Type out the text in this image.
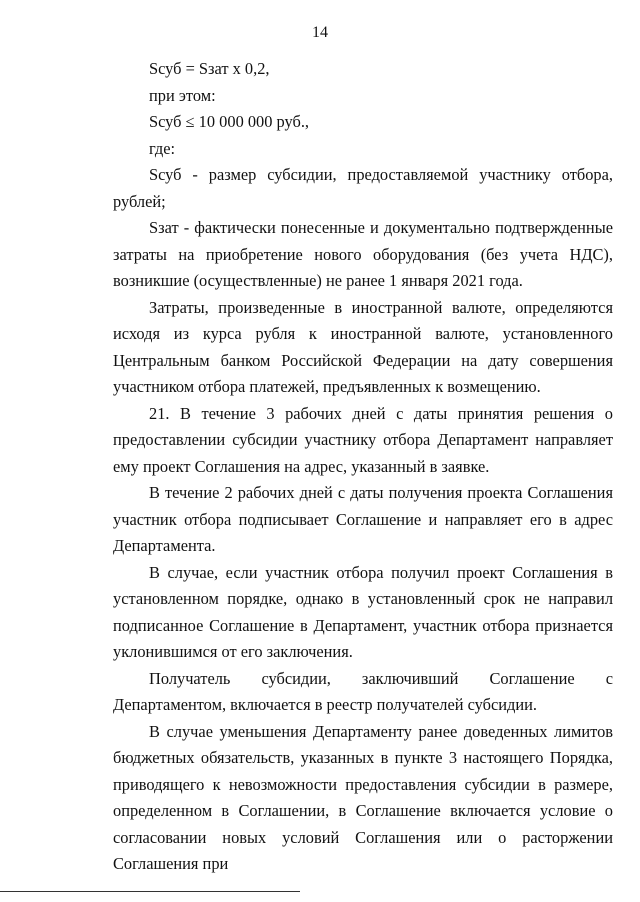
14

Sсуб = Sзат x 0,2,

при этом:

Sсуб ≤ 10 000 000 руб.,

где:

Sсуб - размер субсидии, предоставляемой участнику отбора, рублей;

Sзат - фактически понесенные и документально подтвержденные затраты на приобретение нового оборудования (без учета НДС), возникшие (осуществленные) не ранее 1 января 2021 года.

Затраты, произведенные в иностранной валюте, определяются исходя из курса рубля к иностранной валюте, установленного Центральным банком Российской Федерации на дату совершения участником отбора платежей, предъявленных к возмещению.

21. В течение 3 рабочих дней с даты принятия решения о предоставлении субсидии участнику отбора Департамент направляет ему проект Соглашения на адрес, указанный в заявке.

В течение 2 рабочих дней с даты получения проекта Соглашения участник отбора подписывает Соглашение и направляет его в адрес Департамента.

В случае, если участник отбора получил проект Соглашения в установленном порядке, однако в установленный срок не направил подписанное Соглашение в Департамент, участник отбора признается уклонившимся от его заключения.

Получатель субсидии, заключивший Соглашение с Департаментом, включается в реестр получателей субсидии.

В случае уменьшения Департаменту ранее доведенных лимитов бюджетных обязательств, указанных в пункте 3 настоящего Порядка, приводящего к невозможности предоставления субсидии в размере, определенном в Соглашении, в Соглашение включается условие о согласовании новых условий Соглашения или о расторжении Соглашения при
